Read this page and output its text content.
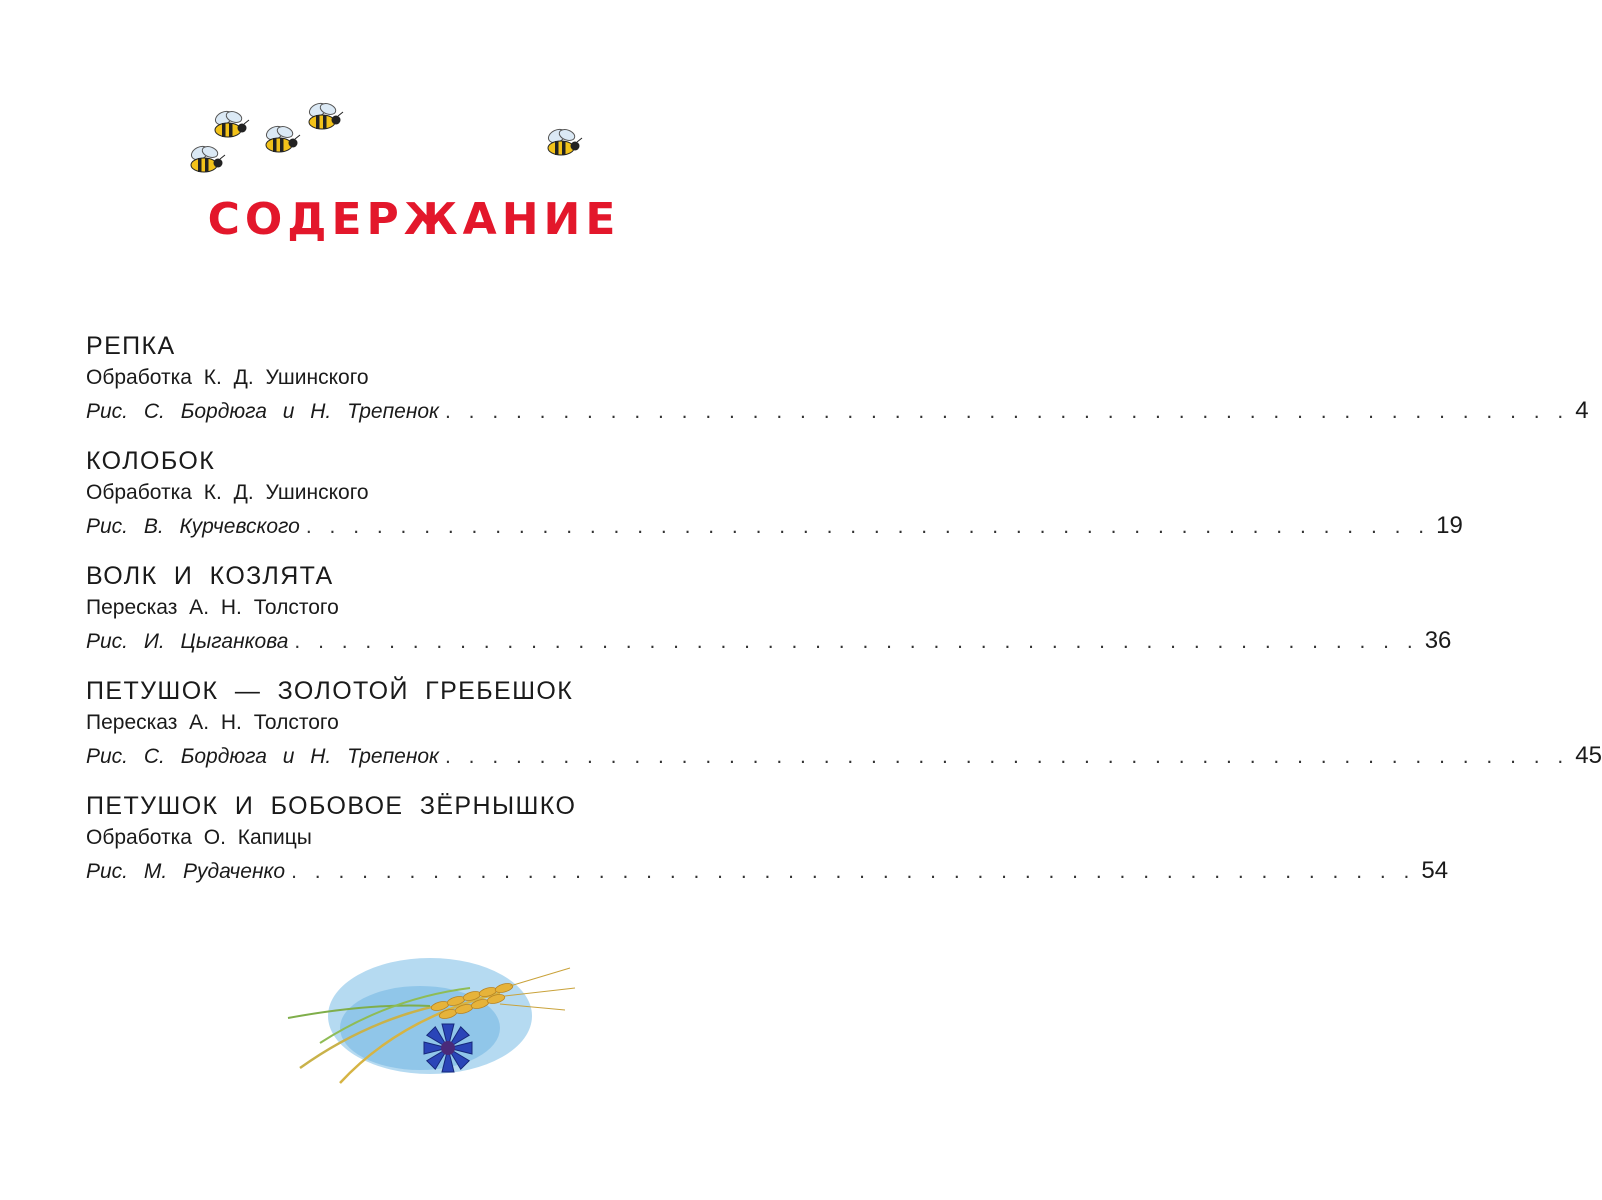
СОДЕРЖАНИЕ
РЕПКА
Обработка К. Д. Ушинского
Рис. С. Бордюга и Н. Трепенок . . . . . . . . . . . . . . . . . . . . . . . . . . . . . . . . . . . . . . . . . . . . . . . . 4
КОЛОБОК
Обработка К. Д. Ушинского
Рис. В. Курчевского . . . . . . . . . . . . . . . . . . . . . . . . . . . . . . . . . . . . . . . . . . . . . . . . 19
ВОЛК И КОЗЛЯТА
Пересказ А. Н. Толстого
Рис. И. Цыганкова . . . . . . . . . . . . . . . . . . . . . . . . . . . . . . . . . . . . . . . . . . . . . . . . 36
ПЕТУШОК — ЗОЛОТОЙ ГРЕБЕШОК
Пересказ А. Н. Толстого
Рис. С. Бордюга и Н. Трепенок . . . . . . . . . . . . . . . . . . . . . . . . . . . . . . . . . . . . . . . . . . . . . . . . 45
ПЕТУШОК И БОБОВОЕ ЗЁРНЫШКО
Обработка О. Капицы
Рис. М. Рудаченко . . . . . . . . . . . . . . . . . . . . . . . . . . . . . . . . . . . . . . . . . . . . . . . . 54
